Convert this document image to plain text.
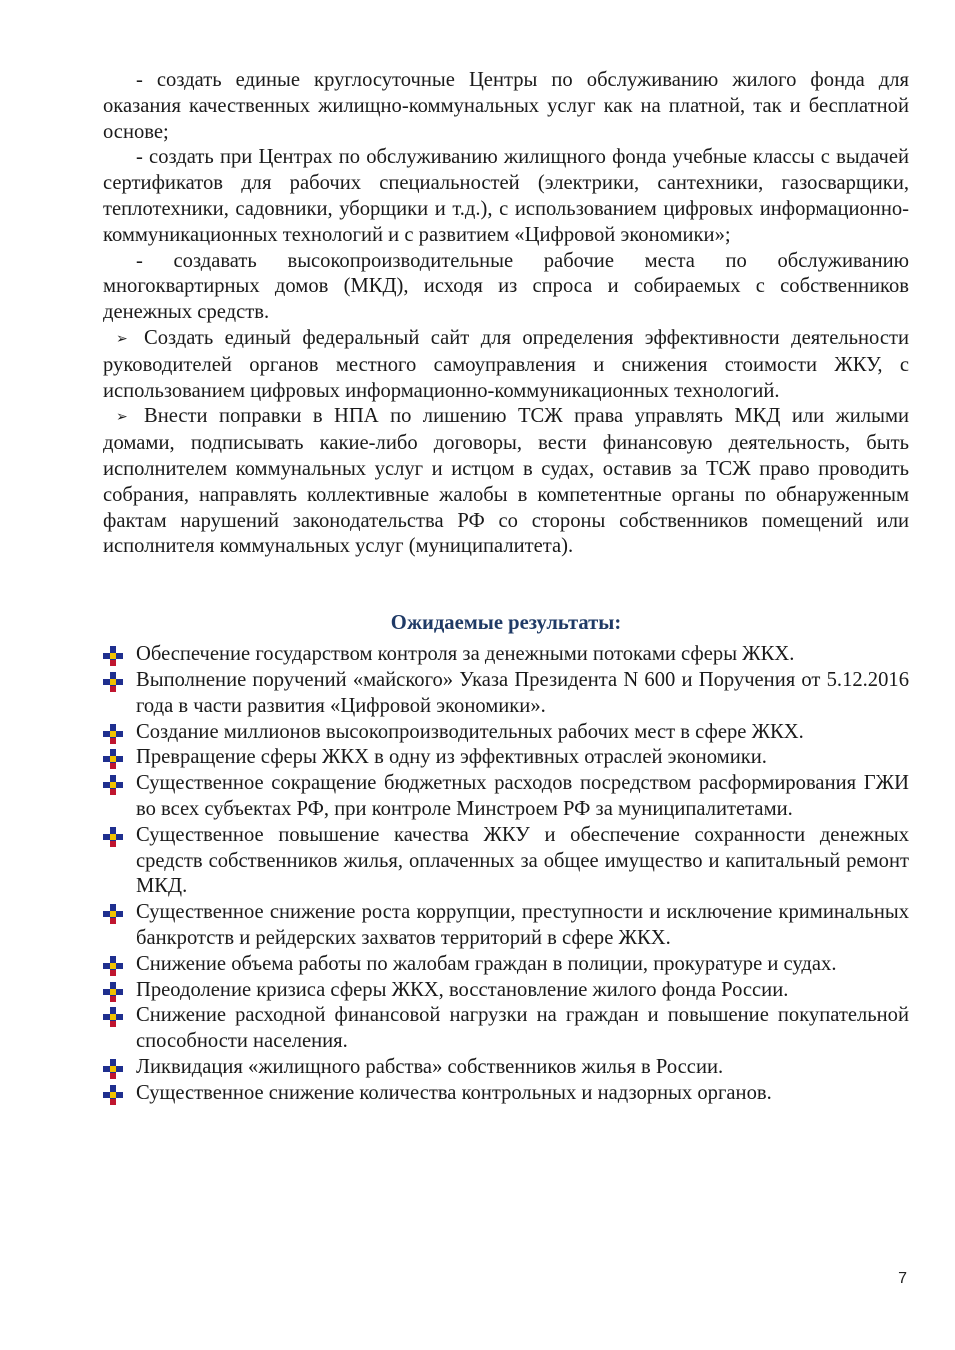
- создать единые круглосуточные Центры по обслуживанию жилого фонда для оказания качественных жилищно-коммунальных услуг как на платной, так и бесплатной основе;

- создать при Центрах по обслуживанию жилищного фонда учебные классы с выдачей сертификатов для рабочих специальностей (электрики, сантехники, газосварщики, теплотехники, садовники, уборщики и т.д.), с использованием цифровых информационно-коммуникационных технологий и с развитием «Цифровой экономики»;

- создавать высокопроизводительные рабочие места по обслуживанию многоквартирных домов (МКД), исходя из спроса и собираемых с собственников денежных средств.

➢ Создать единый федеральный сайт для определения эффективности деятельности руководителей органов местного самоуправления и снижения стоимости ЖКУ, с использованием цифровых информационно-коммуникационных технологий.

➢ Внести поправки в НПА по лишению ТСЖ права управлять МКД или жилыми домами, подписывать какие-либо договоры, вести финансовую деятельность, быть исполнителем коммунальных услуг и истцом в судах, оставив за ТСЖ право проводить собрания, направлять коллективные жалобы в компетентные органы по обнаруженным фактам нарушений законодательства РФ со стороны собственников помещений или исполнителя коммунальных услуг (муниципалитета).

Ожидаемые результаты:
Обеспечение государством контроля за денежными потоками сферы ЖКХ.
Выполнение поручений «майского» Указа Президента N 600 и Поручения от 5.12.2016 года в части развития «Цифровой экономики».
Создание миллионов высокопроизводительных рабочих мест в сфере ЖКХ.
Превращение сферы ЖКХ в одну из эффективных отраслей экономики.
Существенное сокращение бюджетных расходов посредством расформирования ГЖИ во всех субъектах РФ, при контроле Минстроем РФ за муниципалитетами.
Существенное повышение качества ЖКУ и обеспечение сохранности денежных средств собственников жилья, оплаченных за общее имущество и капитальный ремонт МКД.
Существенное снижение роста коррупции, преступности и исключение криминальных банкротств и рейдерских захватов территорий в сфере ЖКХ.
Снижение объема работы по жалобам граждан в полиции, прокуратуре и судах.
Преодоление кризиса сферы ЖКХ, восстановление жилого фонда России.
Снижение расходной финансовой нагрузки на граждан и повышение покупательной способности населения.
Ликвидация «жилищного рабства» собственников жилья в России.
Существенное снижение количества контрольных и надзорных органов.
7
